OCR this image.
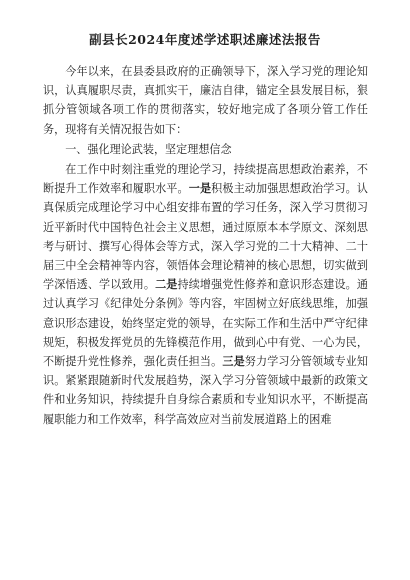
副县长2024年度述学述职述廉述法报告

今年以来，在县委县政府的正确领导下，深入学习党的理论知识，认真履职尽责，真抓实干，廉洁自律，锚定全县发展目标，狠抓分管领域各项工作的贯彻落实，较好地完成了各项分管工作任务，现将有关情况报告如下：

一、强化理论武装，坚定理想信念

在工作中时刻注重党的理论学习，持续提高思想政治素养，不断提升工作效率和履职水平。一是积极主动加强思想政治学习。认真保质完成理论学习中心组安排布置的学习任务，深入学习贯彻习近平新时代中国特色社会主义思想，通过原原本本学原文、深刻思考与研讨、撰写心得体会等方式，深入学习党的二十大精神、二十届三中全会精神等内容，领悟体会理论精神的核心思想，切实做到学深悟透、学以致用。二是持续增强党性修养和意识形态建设。通过认真学习《纪律处分条例》等内容，牢固树立好底线思维，加强意识形态建设，始终坚定党的领导，在实际工作和生活中严守纪律规矩，积极发挥党员的先锋模范作用，做到心中有党、一心为民，不断提升党性修养，强化责任担当。三是努力学习分管领域专业知识。紧紧跟随新时代发展趋势，深入学习分管领域中最新的政策文件和业务知识，持续提升自身综合素质和专业知识水平，不断提高履职能力和工作效率，科学高效应对当前发展道路上的困难
